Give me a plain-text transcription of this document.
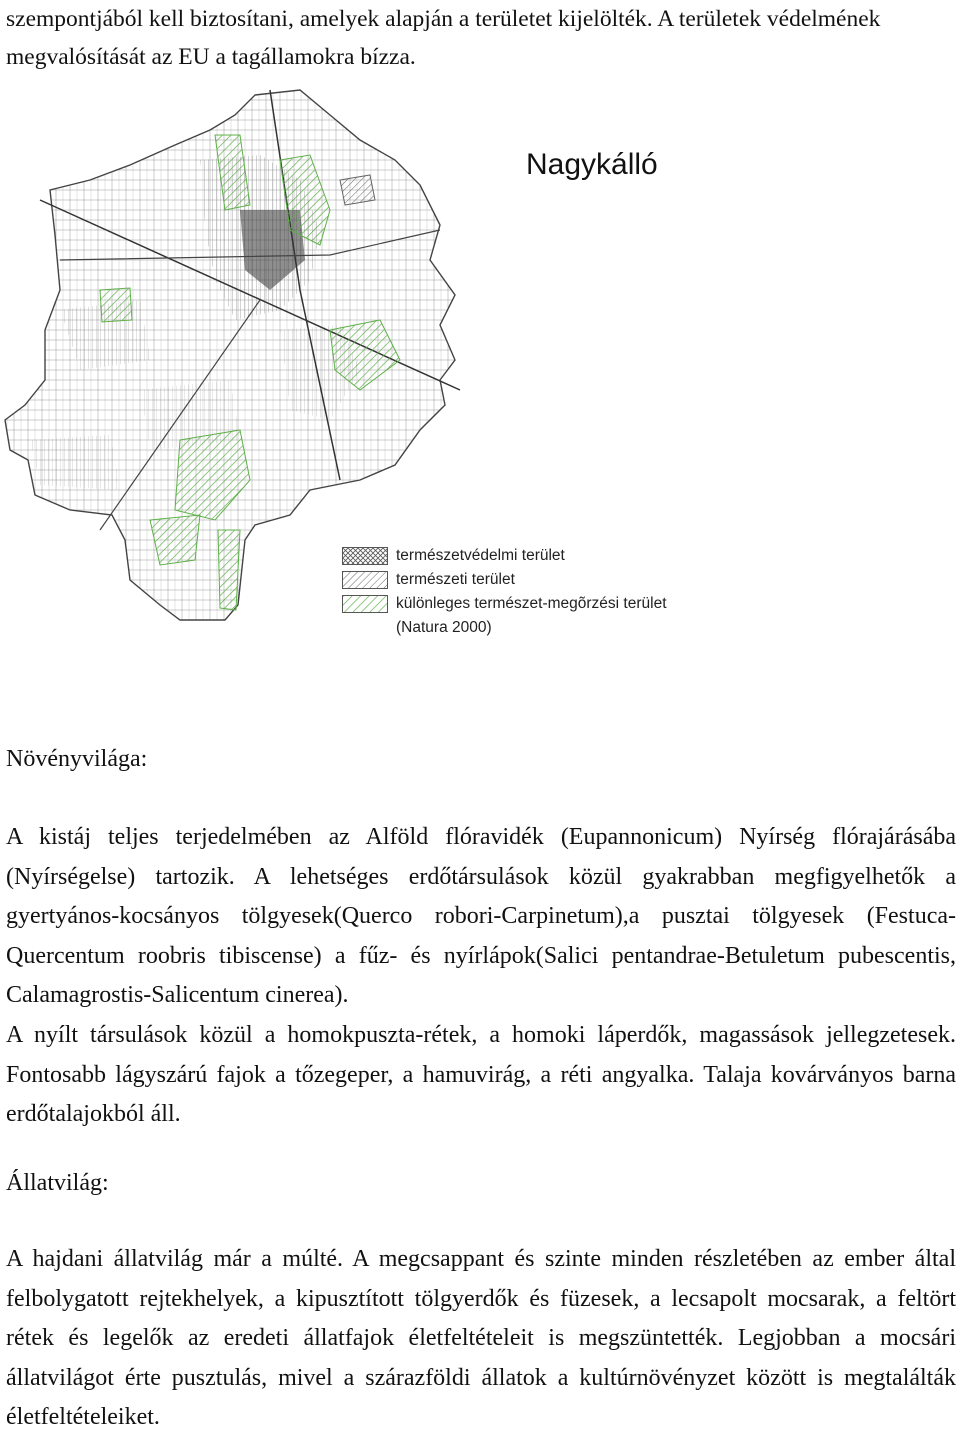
szempontjából kell biztosítani, amelyek alapján a területet kijelölték. A területek védelmének megvalósítását az EU a tagállamokra bízza.

Nagykálló
természetvédelmi terület
természeti terület
különleges természet-megõrzési terület
(Natura 2000)
Növényvilága:

A kistáj teljes terjedelmében az Alföld flóravidék (Eupannonicum) Nyírség flórajárásába (Nyírségelse) tartozik. A lehetséges erdőtársulások közül gyakrabban megfigyelhetők a gyertyános-kocsányos tölgyesek(Querco robori-Carpinetum),a pusztai tölgyesek (Festuca-Quercentum roobris tibiscense) a fűz- és nyírlápok(Salici pentandrae-Betuletum pubescentis, Calamagrostis-Salicentum cinerea).

A nyílt társulások közül a homokpuszta-rétek, a homoki láperdők, magassások jellegzetesek. Fontosabb lágyszárú fajok a tőzegeper, a hamuvirág, a réti angyalka. Talaja kovárványos barna erdőtalajokból áll.

Állatvilág:

A hajdani állatvilág már a múlté. A megcsappant és szinte minden részletében az ember által felbolygatott rejtekhelyek, a kipusztított tölgyerdők és füzesek, a lecsapolt mocsarak, a feltört rétek és legelők az eredeti állatfajok életfeltételeit is megszüntették. Legjobban a mocsári állatvilágot érte pusztulás, mivel a szárazföldi állatok a kultúrnövényzet között is megtalálták életfeltételeiket.
